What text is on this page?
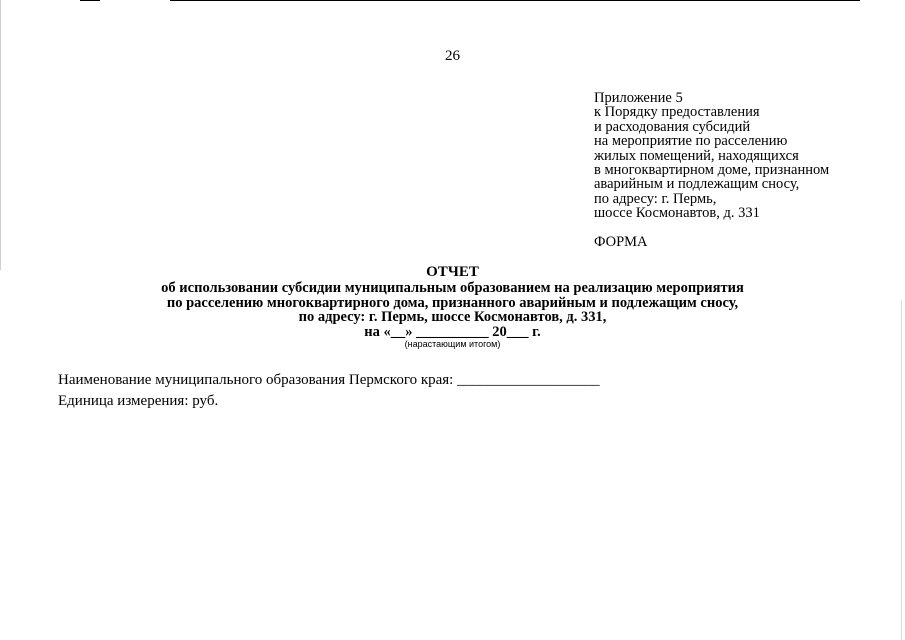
26
Приложение 5
к Порядку предоставления
и расходования субсидий
на мероприятие по расселению
жилых помещений, находящихся
в многоквартирном доме, признанном
аварийным и подлежащим сносу,
по адресу: г. Пермь,
шоссе Космонавтов, д. 331
ФОРМА
ОТЧЕТ
об использовании субсидии муниципальным образованием на реализацию мероприятия
по расселению многоквартирного дома, признанного аварийным и подлежащим сносу,
по адресу: г. Пермь, шоссе Космонавтов, д. 331,
на «__» __________ 20___ г.
(нарастающим итогом)
Наименование муниципального образования Пермского края: ___________________
Единица измерения: руб.
